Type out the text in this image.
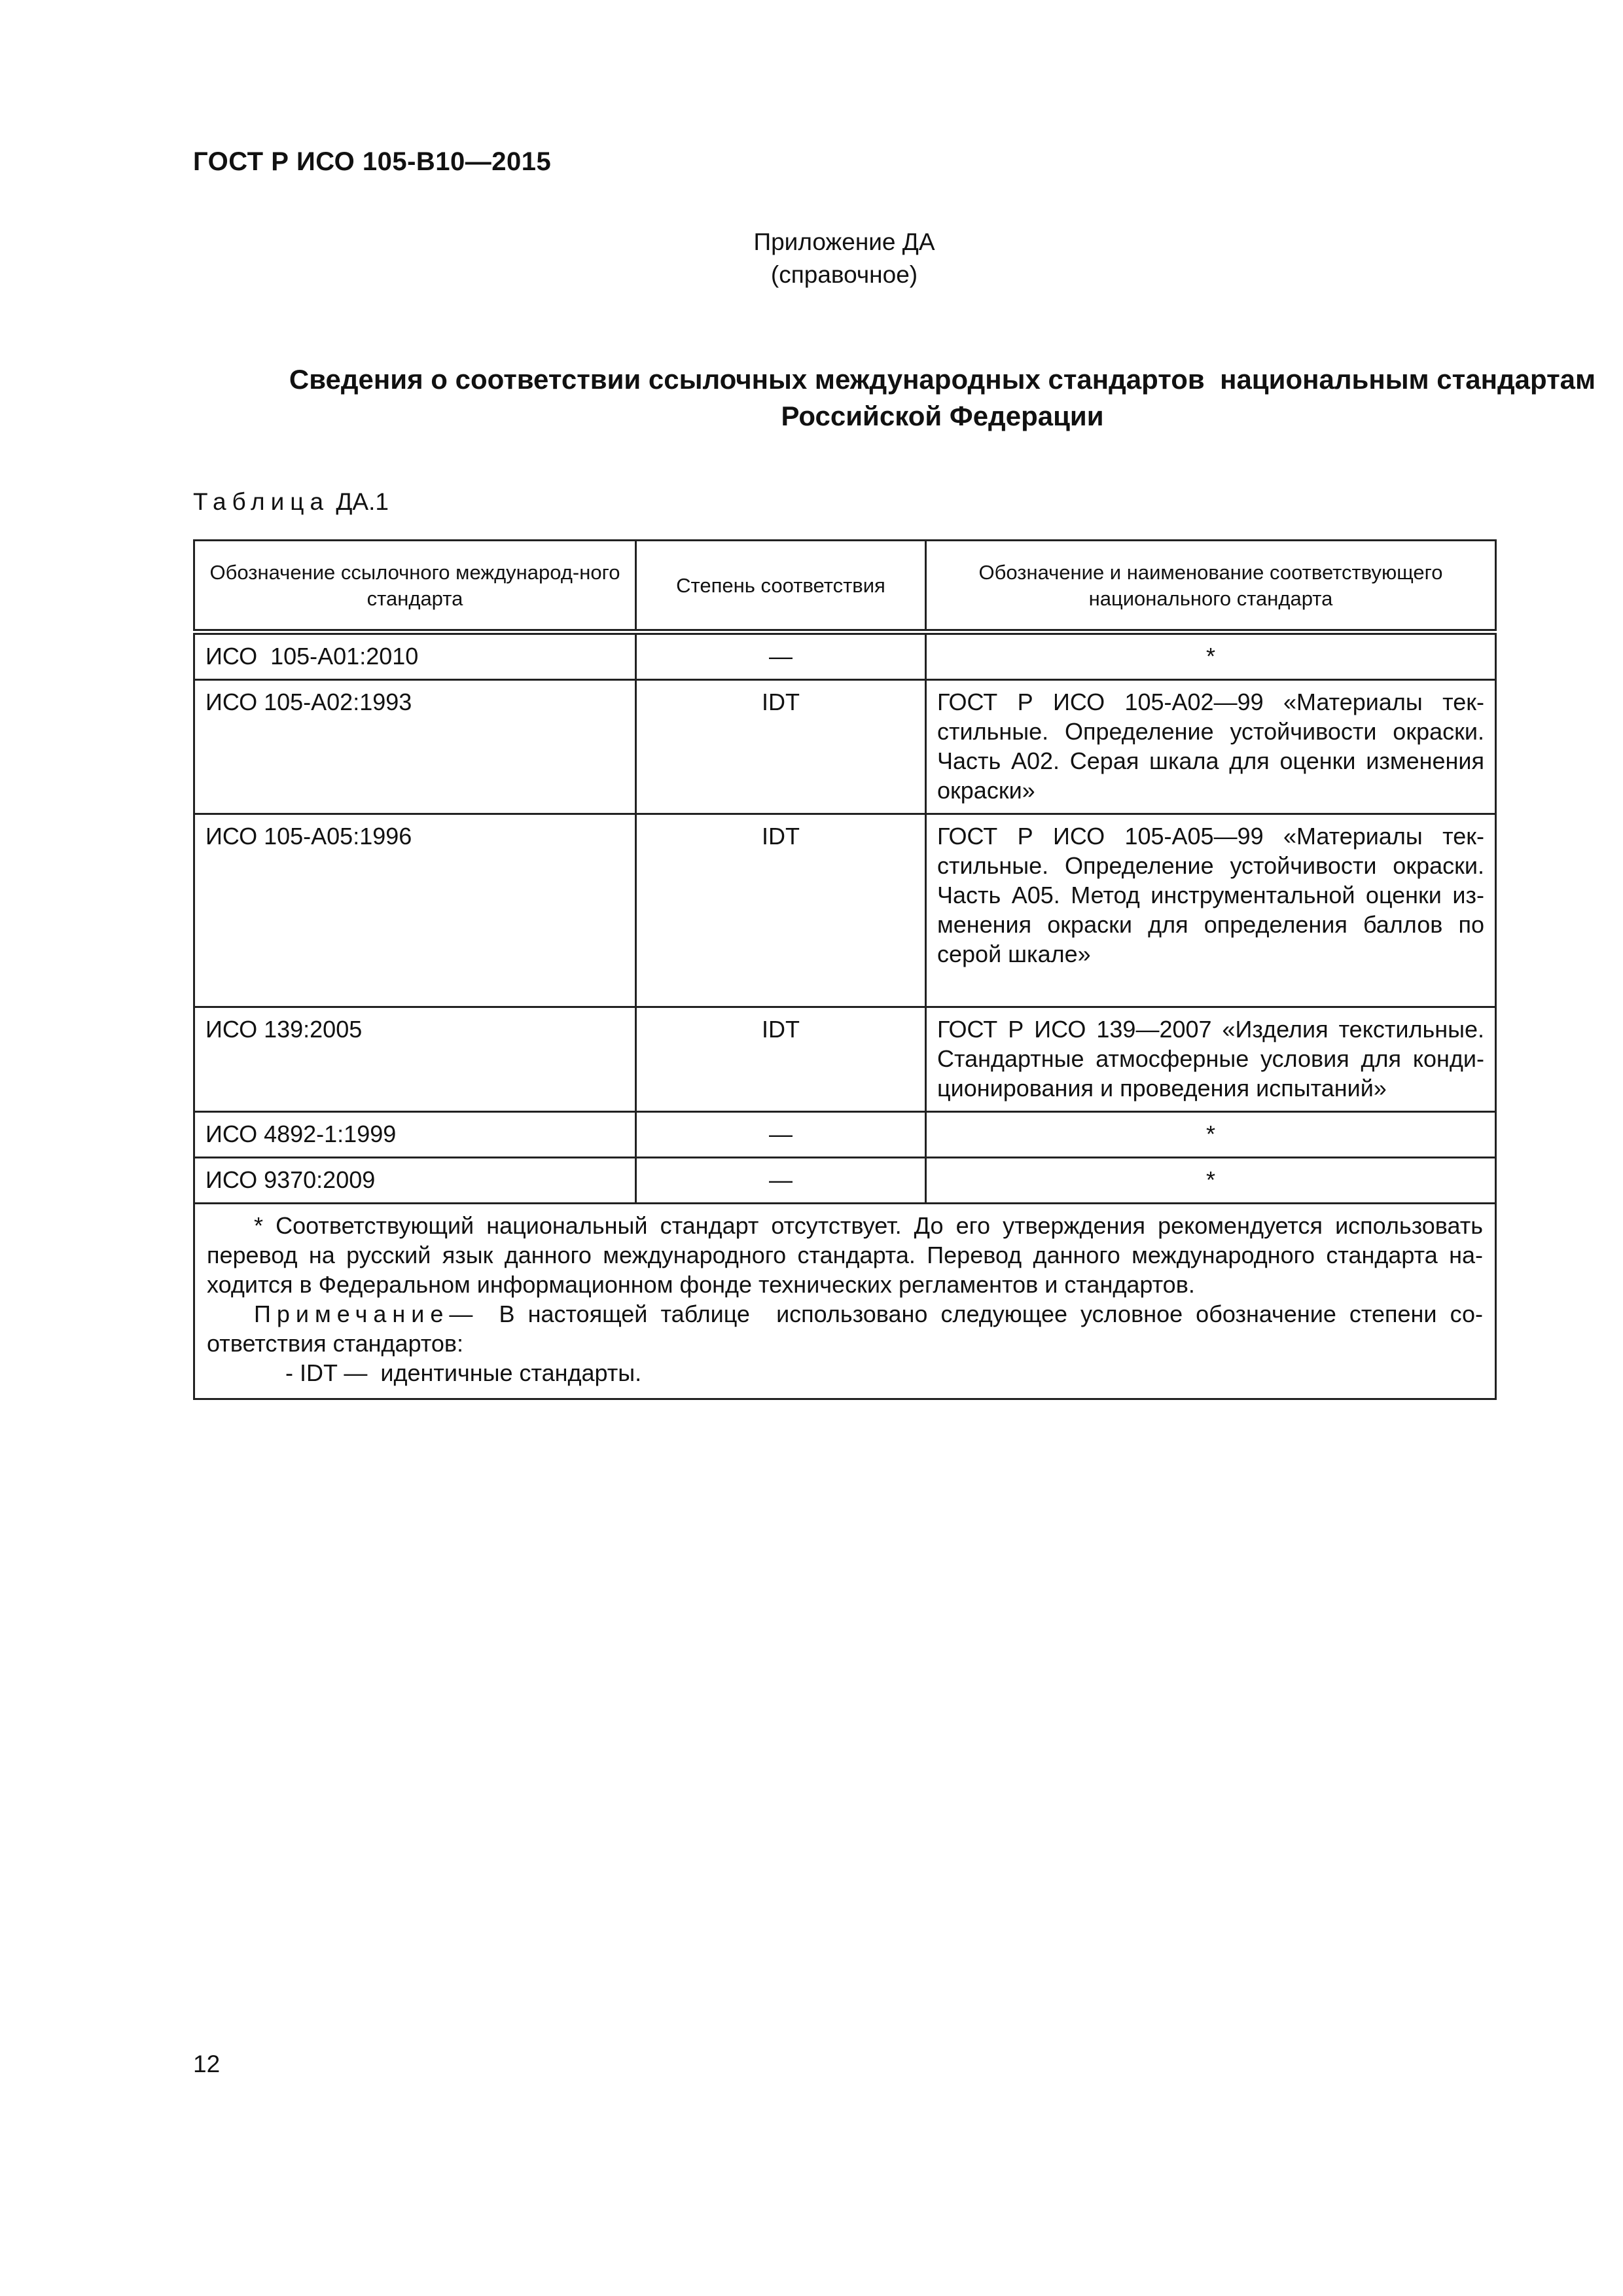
ГОСТ Р ИСО 105-В10—2015
Приложение ДА
(справочное)
Сведения о соответствии ссылочных международных стандартов  национальным стандартам
Российской Федерации
Таблица ДА.1
Обозначение ссылочного международ-ного стандарта	Степень соответствия	Обозначение и наименование соответствующего национального стандарта
ИСО  105-А01:2010	—	*
ИСО 105-А02:1993	IDT	ГОСТ Р ИСО 105-А02—99 «Материалы тек-стильные. Определение устойчивости окраски. Часть А02. Серая шкала для оценки изменения окраски»
ИСО 105-А05:1996	IDT	ГОСТ Р ИСО 105-А05—99 «Материалы тек-стильные. Определение устойчивости окраски. Часть А05. Метод инструментальной оценки из-менения окраски для определения баллов по серой шкале»
ИСО 139:2005	IDT	ГОСТ Р ИСО 139—2007 «Изделия текстильные. Стандартные атмосферные условия для конди-ционирования и проведения испытаний»
ИСО 4892-1:1999	—	*
ИСО 9370:2009	—	*

* Соответствующий национальный стандарт отсутствует. До его утверждения рекомендуется использовать перевод на русский язык данного международного стандарта. Перевод данного международного стандарта на-ходится в Федеральном информационном фонде технических регламентов и стандартов.
Примечание—  В настоящей таблице  использовано следующее условное обозначение степени со-ответствия стандартов:
- IDT —  идентичные стандарты.		
12
